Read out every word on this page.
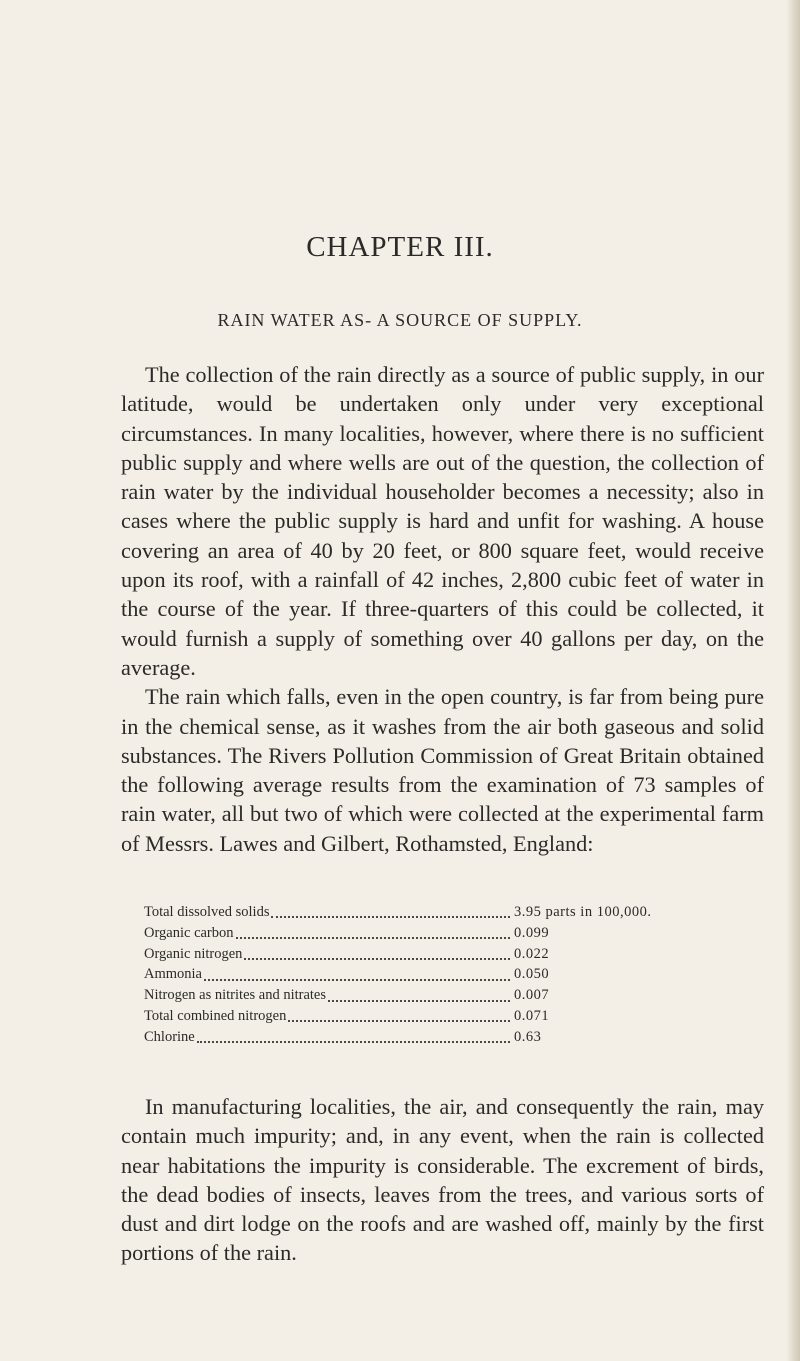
CHAPTER III.
RAIN WATER AS- A SOURCE OF SUPPLY.

The collection of the rain directly as a source of public supply, in our latitude, would be undertaken only under very exceptional circumstances. In many localities, however, where there is no sufficient public supply and where wells are out of the question, the collection of rain water by the individual householder becomes a necessity; also in cases where the public supply is hard and unfit for washing. A house covering an area of 40 by 20 feet, or 800 square feet, would receive upon its roof, with a rainfall of 42 inches, 2,800 cubic feet of water in the course of the year. If three-quarters of this could be collected, it would furnish a supply of something over 40 gallons per day, on the average.

The rain which falls, even in the open country, is far from being pure in the chemical sense, as it washes from the air both gaseous and solid substances. The Rivers Pollution Commission of Great Britain obtained the following average results from the examination of 73 samples of rain water, all but two of which were collected at the experimental farm of Messrs. Lawes and Gilbert, Rothamsted, England:

Total dissolved solids	3.95 parts in 100,000.
Organic carbon	0.099
Organic nitrogen	0.022
Ammonia	0.050
Nitrogen as nitrites and nitrates	0.007
Total combined nitrogen	0.071
Chlorine	0.63

In manufacturing localities, the air, and consequently the rain, may contain much impurity; and, in any event, when the rain is collected near habitations the impurity is considerable. The excrement of birds, the dead bodies of insects, leaves from the trees, and various sorts of dust and dirt lodge on the roofs and are washed off, mainly by the first portions of the rain.
